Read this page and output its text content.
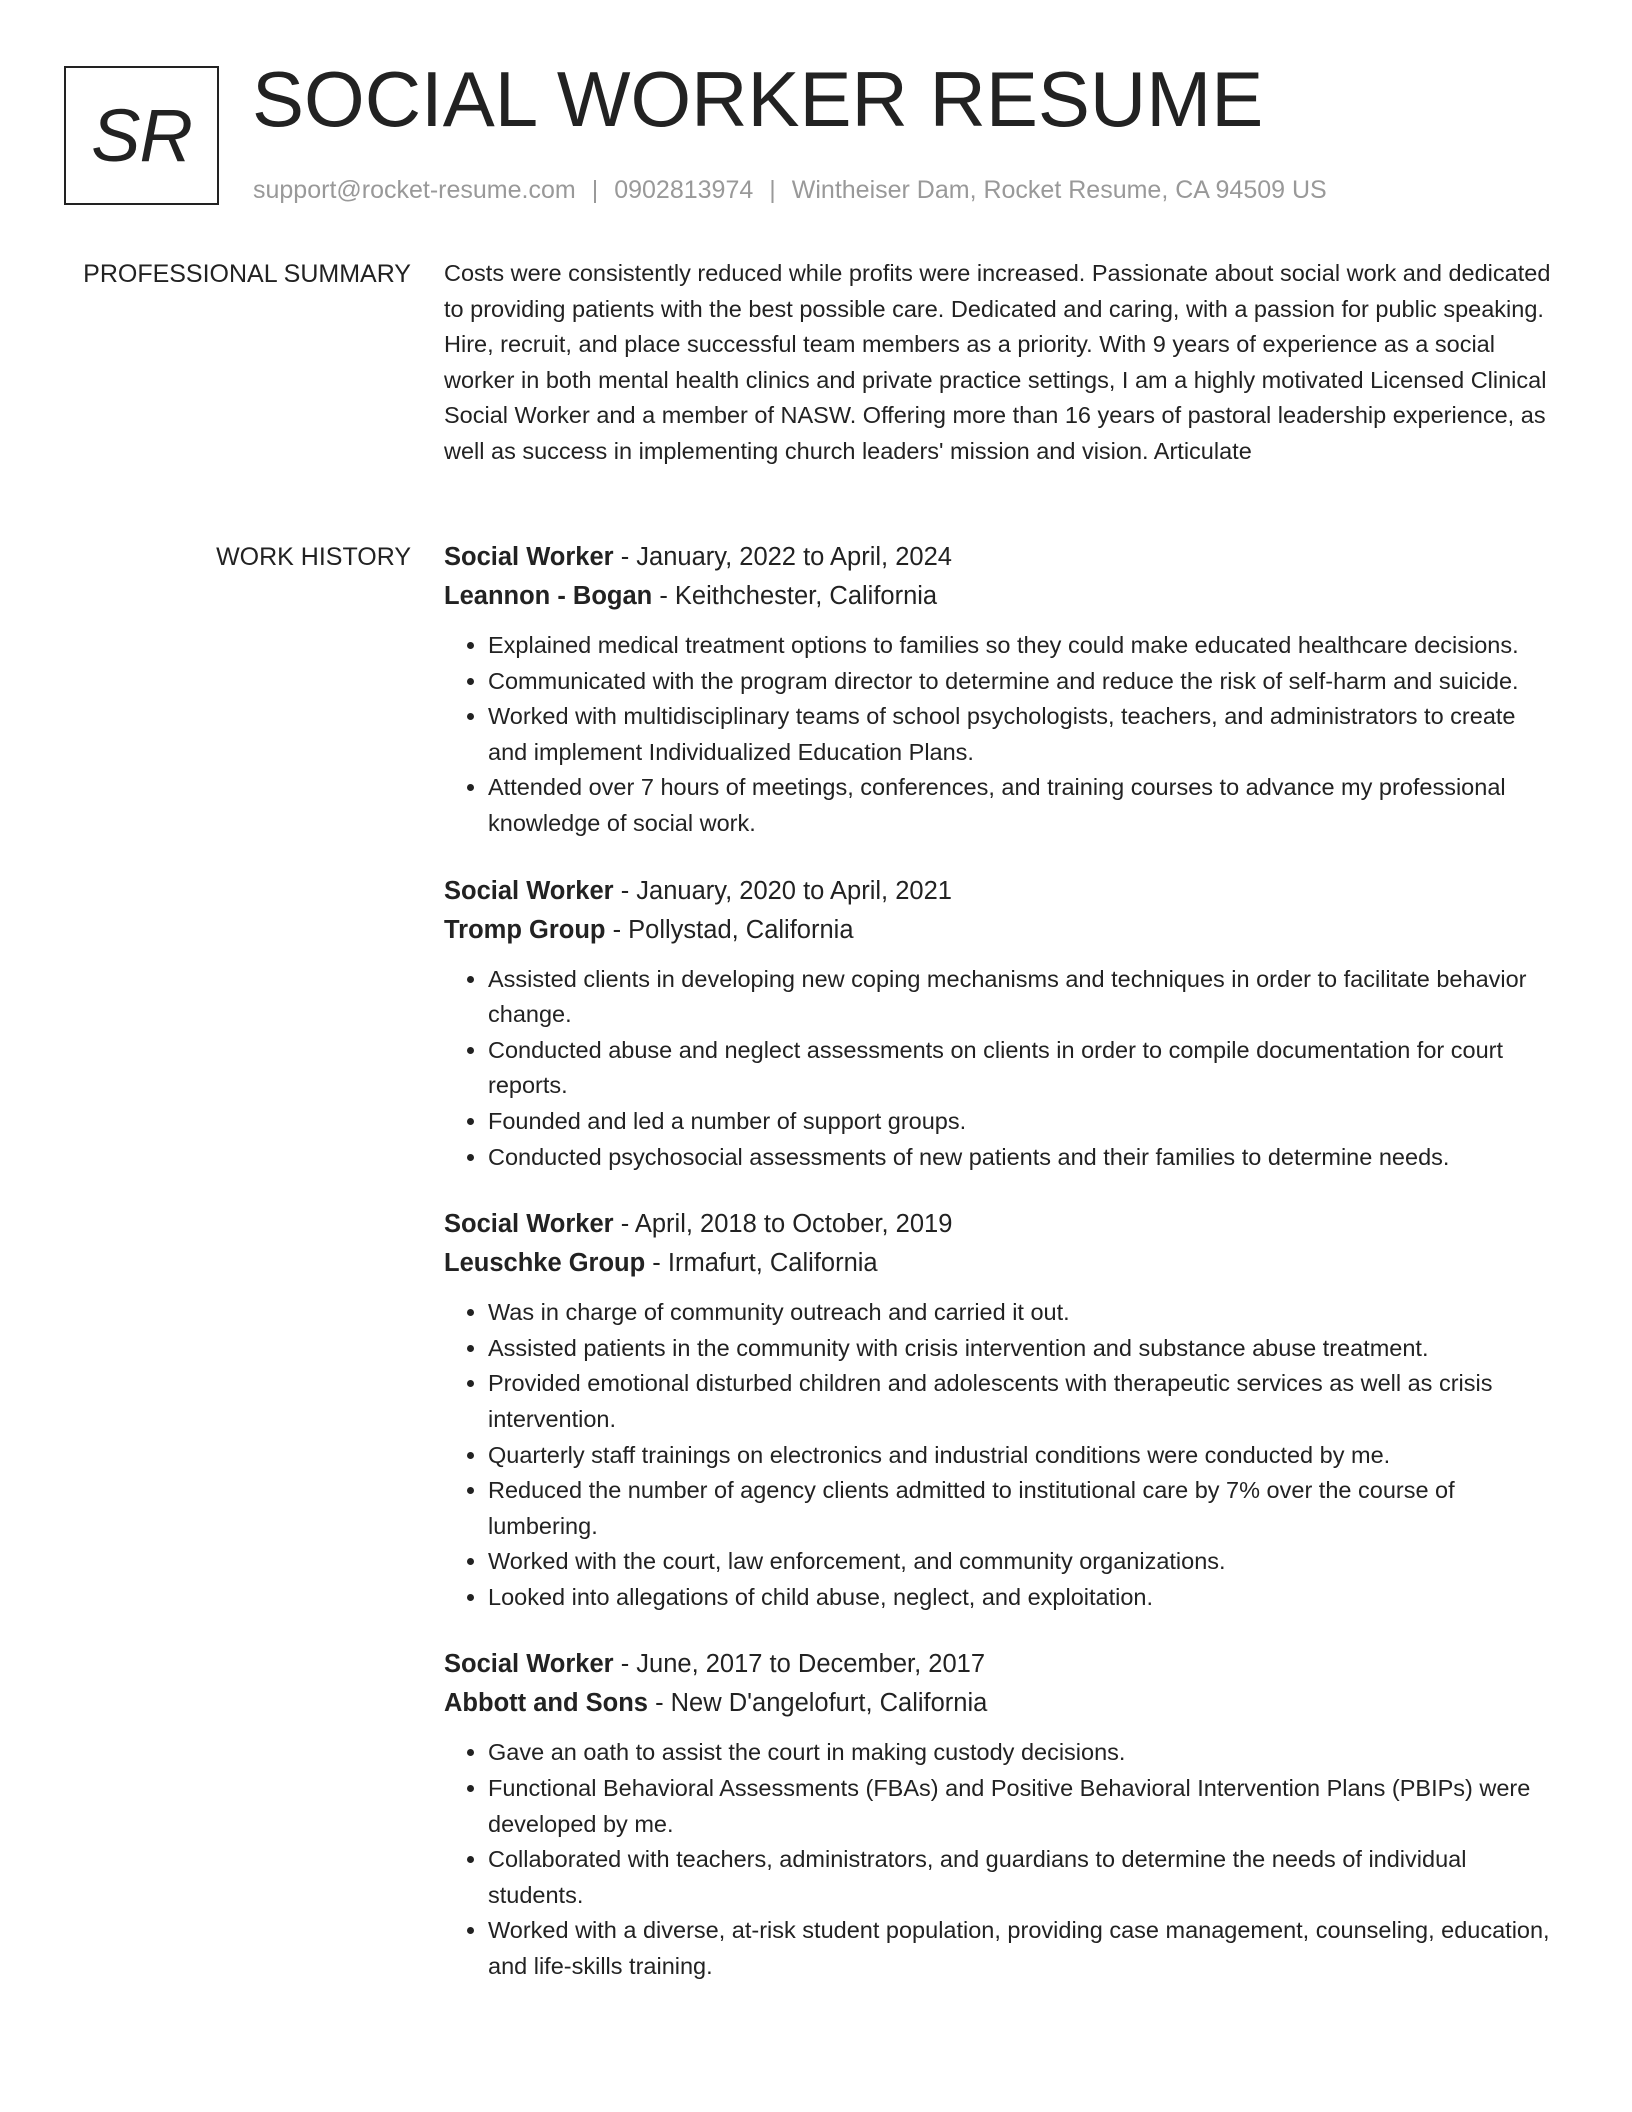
SR SOCIAL WORKER RESUME
support@rocket-resume.com | 0902813974 | Wintheiser Dam, Rocket Resume, CA 94509 US
PROFESSIONAL SUMMARY Costs were consistently reduced while profits were increased. Passionate about social work and dedicated to providing patients with the best possible care. Dedicated and caring, with a passion for public speaking. Hire, recruit, and place successful team members as a priority. With 9 years of experience as a social worker in both mental health clinics and private practice settings, I am a highly motivated Licensed Clinical Social Worker and a member of NASW. Offering more than 16 years of pastoral leadership experience, as well as success in implementing church leaders' mission and vision. Articulate

WORK HISTORY Social Worker - January, 2022 to April, 2024
Leannon - Bogan - Keithchester, California
• Explained medical treatment options to families so they could make educated healthcare decisions.
• Communicated with the program director to determine and reduce the risk of self-harm and suicide.
• Worked with multidisciplinary teams of school psychologists, teachers, and administrators to create and implement Individualized Education Plans.
• Attended over 7 hours of meetings, conferences, and training courses to advance my professional knowledge of social work.
Social Worker - January, 2020 to April, 2021
Tromp Group - Pollystad, California
• Assisted clients in developing new coping mechanisms and techniques in order to facilitate behavior change.
• Conducted abuse and neglect assessments on clients in order to compile documentation for court reports.
• Founded and led a number of support groups.
• Conducted psychosocial assessments of new patients and their families to determine needs.
Social Worker - April, 2018 to October, 2019
Leuschke Group - Irmafurt, California
• Was in charge of community outreach and carried it out.
• Assisted patients in the community with crisis intervention and substance abuse treatment.
• Provided emotional disturbed children and adolescents with therapeutic services as well as crisis intervention.
• Quarterly staff trainings on electronics and industrial conditions were conducted by me.
• Reduced the number of agency clients admitted to institutional care by 7% over the course of lumbering.
• Worked with the court, law enforcement, and community organizations.
• Looked into allegations of child abuse, neglect, and exploitation.
Social Worker - June, 2017 to December, 2017
Abbott and Sons - New D'angelofurt, California
• Gave an oath to assist the court in making custody decisions.
• Functional Behavioral Assessments (FBAs) and Positive Behavioral Intervention Plans (PBIPs) were developed by me.
• Collaborated with teachers, administrators, and guardians to determine the needs of individual students.
• Worked with a diverse, at-risk student population, providing case management, counseling, education, and life-skills training.
